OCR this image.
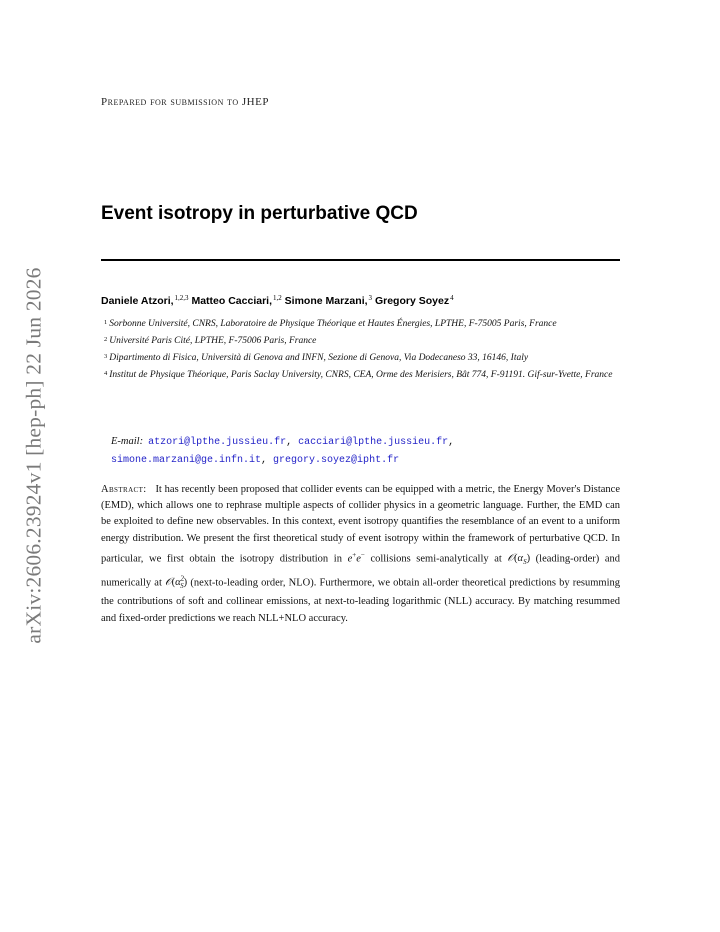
arXiv:2606.23924v1 [hep-ph] 22 Jun 2026
Prepared for submission to JHEP
Event isotropy in perturbative QCD
Daniele Atzori,$^{1,2,3}$ Matteo Cacciari,$^{1,2}$ Simone Marzani,$^3$ Gregory Soyez$^4$
1 Sorbonne Université, CNRS, Laboratoire de Physique Théorique et Hautes Énergies, LPTHE, F-75005 Paris, France
2 Université Paris Cité, LPTHE, F-75006 Paris, France
3 Dipartimento di Fisica, Università di Genova and INFN, Sezione di Genova, Via Dodecaneso 33, 16146, Italy
4 Institut de Physique Théorique, Paris Saclay University, CNRS, CEA, Orme des Merisiers, Bât 774, F-91191. Gif-sur-Yvette, France
E-mail: atzori@lpthe.jussieu.fr, cacciari@lpthe.jussieu.fr,
simone.marzani@ge.infn.it, gregory.soyez@ipht.fr
Abstract: It has recently been proposed that collider events can be equipped with a metric, the Energy Mover's Distance (EMD), which allows one to rephrase multiple aspects of collider physics in a geometric language. Further, the EMD can be exploited to define new observables. In this context, event isotropy quantifies the resemblance of an event to a uniform energy distribution. We present the first theoretical study of event isotropy within the framework of perturbative QCD. In particular, we first obtain the isotropy distribution in e+e− collisions semi-analytically at $𝒪(\alpha_S)$ (leading-order) and numerically at $𝒪(\alpha^2_S)$ (next-to-leading order, NLO). Furthermore, we obtain all-order theoretical predictions by resumming the contributions of soft and collinear emissions, at next-to-leading logarithmic (NLL) accuracy. By matching resummed and fixed-order predictions we reach NLL+NLO accuracy.
